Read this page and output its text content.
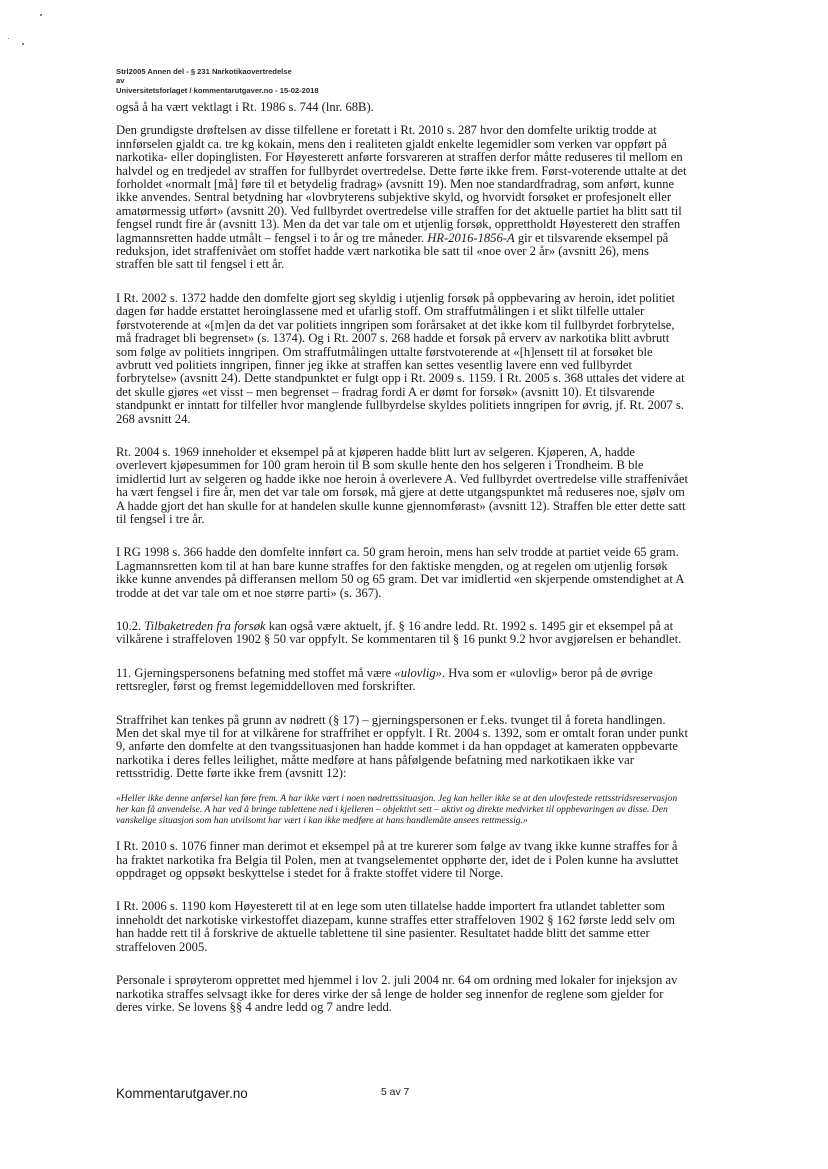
Strl2005 Annen del - § 231 Narkotikaovertredelse
av
Universitetsforlaget / kommentarutgaver.no - 15-02-2018

også å ha vært vektlagt i Rt. 1986 s. 744 (lnr. 68B).

Den grundigste drøftelsen av disse tilfellene er foretatt i Rt. 2010 s. 287 hvor den domfelte uriktig trodde at innførselen gjaldt ca. tre kg kokain, mens den i realiteten gjaldt enkelte legemidler som verken var oppført på narkotika- eller dopinglisten. For Høyesterett anførte forsvareren at straffen derfor måtte reduseres til mellom en halvdel og en tredjedel av straffen for fullbyrdet overtredelse. Dette førte ikke frem. Først-voterende uttalte at det forholdet «normalt [må] føre til et betydelig fradrag» (avsnitt 19). Men noe standardfradrag, som anført, kunne ikke anvendes. Sentral betydning har «lovbryterens subjektive skyld, og hvorvidt forsøket er profesjonelt eller amatørmessig utført» (avsnitt 20). Ved fullbyrdet overtredelse ville straffen for det aktuelle partiet ha blitt satt til fengsel rundt fire år (avsnitt 13). Men da det var tale om et utjenlig forsøk, opprettholdt Høyesterett den straffen lagmannsretten hadde utmålt – fengsel i to år og tre måneder. HR-2016-1856-A gir et tilsvarende eksempel på reduksjon, idet straffenivået om stoffet hadde vært narkotika ble satt til «noe over 2 år» (avsnitt 26), mens straffen ble satt til fengsel i ett år.

I Rt. 2002 s. 1372 hadde den domfelte gjort seg skyldig i utjenlig forsøk på oppbevaring av heroin, idet politiet dagen før hadde erstattet heroinglassene med et ufarlig stoff. Om straffutmålingen i et slikt tilfelle uttaler førstvoterende at «[m]en da det var politiets inngripen som forårsaket at det ikke kom til fullbyrdet forbrytelse, må fradraget bli begrenset» (s. 1374). Og i Rt. 2007 s. 268 hadde et forsøk på erverv av narkotika blitt avbrutt som følge av politiets inngripen. Om straffutmålingen uttalte førstvoterende at «[h]ensett til at forsøket ble avbrutt ved politiets inngripen, finner jeg ikke at straffen kan settes vesentlig lavere enn ved fullbyrdet forbrytelse» (avsnitt 24). Dette standpunktet er fulgt opp i Rt. 2009 s. 1159. I Rt. 2005 s. 368 uttales det videre at det skulle gjøres «et visst – men begrenset – fradrag fordi A er dømt for forsøk» (avsnitt 10). Et tilsvarende standpunkt er inntatt for tilfeller hvor manglende fullbyrdelse skyldes politiets inngripen for øvrig, jf. Rt. 2007 s. 268 avsnitt 24.

Rt. 2004 s. 1969 inneholder et eksempel på at kjøperen hadde blitt lurt av selgeren. Kjøperen, A, hadde overlevert kjøpesummen for 100 gram heroin til B som skulle hente den hos selgeren i Trondheim. B ble imidlertid lurt av selgeren og hadde ikke noe heroin å overlevere A. Ved fullbyrdet overtredelse ville straffenivået ha vært fengsel i fire år, men det var tale om forsøk, må gjere at dette utgangspunktet må reduseres noe, sjølv om A hadde gjort det han skulle for at handelen skulle kunne gjennomførast» (avsnitt 12). Straffen ble etter dette satt til fengsel i tre år.

I RG 1998 s. 366 hadde den domfelte innført ca. 50 gram heroin, mens han selv trodde at partiet veide 65 gram. Lagmannsretten kom til at han bare kunne straffes for den faktiske mengden, og at regelen om utjenlig forsøk ikke kunne anvendes på differansen mellom 50 og 65 gram. Det var imidlertid «en skjerpende omstendighet at A trodde at det var tale om et noe større parti» (s. 367).

10.2. Tilbaketreden fra forsøk kan også være aktuelt, jf. § 16 andre ledd. Rt. 1992 s. 1495 gir et eksempel på at vilkårene i straffeloven 1902 § 50 var oppfylt. Se kommentaren til § 16 punkt 9.2 hvor avgjørelsen er behandlet.

11. Gjerningspersonens befatning med stoffet må være «ulovlig». Hva som er «ulovlig» beror på de øvrige rettsregler, først og fremst legemiddelloven med forskrifter.

Straffrihet kan tenkes på grunn av nødrett (§ 17) – gjerningspersonen er f.eks. tvunget til å foreta handlingen. Men det skal mye til for at vilkårene for straffrihet er oppfylt. I Rt. 2004 s. 1392, som er omtalt foran under punkt 9, anførte den domfelte at den tvangssituasjonen han hadde kommet i da han oppdaget at kameraten oppbevarte narkotika i deres felles leilighet, måtte medføre at hans påfølgende befatning med narkotikaen ikke var rettsstridig. Dette førte ikke frem (avsnitt 12):

«Heller ikke denne anførsel kan føre frem. A har ikke vært i noen nødrettssituasjon. Jeg kan heller ikke se at den ulovfestede rettsstridsreservasjon her kan få anvendelse. A har ved å bringe tablettene ned i kjelleren – objektivt sett – aktivt og direkte medvirket til oppbevaringen av disse. Den vanskelige situasjon som han utvilsomt har vært i kan ikke medføre at hans handlemåte ansees rettmessig.»

I Rt. 2010 s. 1076 finner man derimot et eksempel på at tre kurerer som følge av tvang ikke kunne straffes for å ha fraktet narkotika fra Belgia til Polen, men at tvangselementet opphørte der, idet de i Polen kunne ha avsluttet oppdraget og oppsøkt beskyttelse i stedet for å frakte stoffet videre til Norge.

I Rt. 2006 s. 1190 kom Høyesterett til at en lege som uten tillatelse hadde importert fra utlandet tabletter som inneholdt det narkotiske virkestoffet diazepam, kunne straffes etter straffeloven 1902 § 162 første ledd selv om han hadde rett til å forskrive de aktuelle tablettene til sine pasienter. Resultatet hadde blitt det samme etter straffeloven 2005.

Personale i sprøyterom opprettet med hjemmel i lov 2. juli 2004 nr. 64 om ordning med lokaler for injeksjon av narkotika straffes selvsagt ikke for deres virke der så lenge de holder seg innenfor de reglene som gjelder for deres virke. Se lovens §§ 4 andre ledd og 7 andre ledd.

Kommentarutgaver.no	5 av 7
